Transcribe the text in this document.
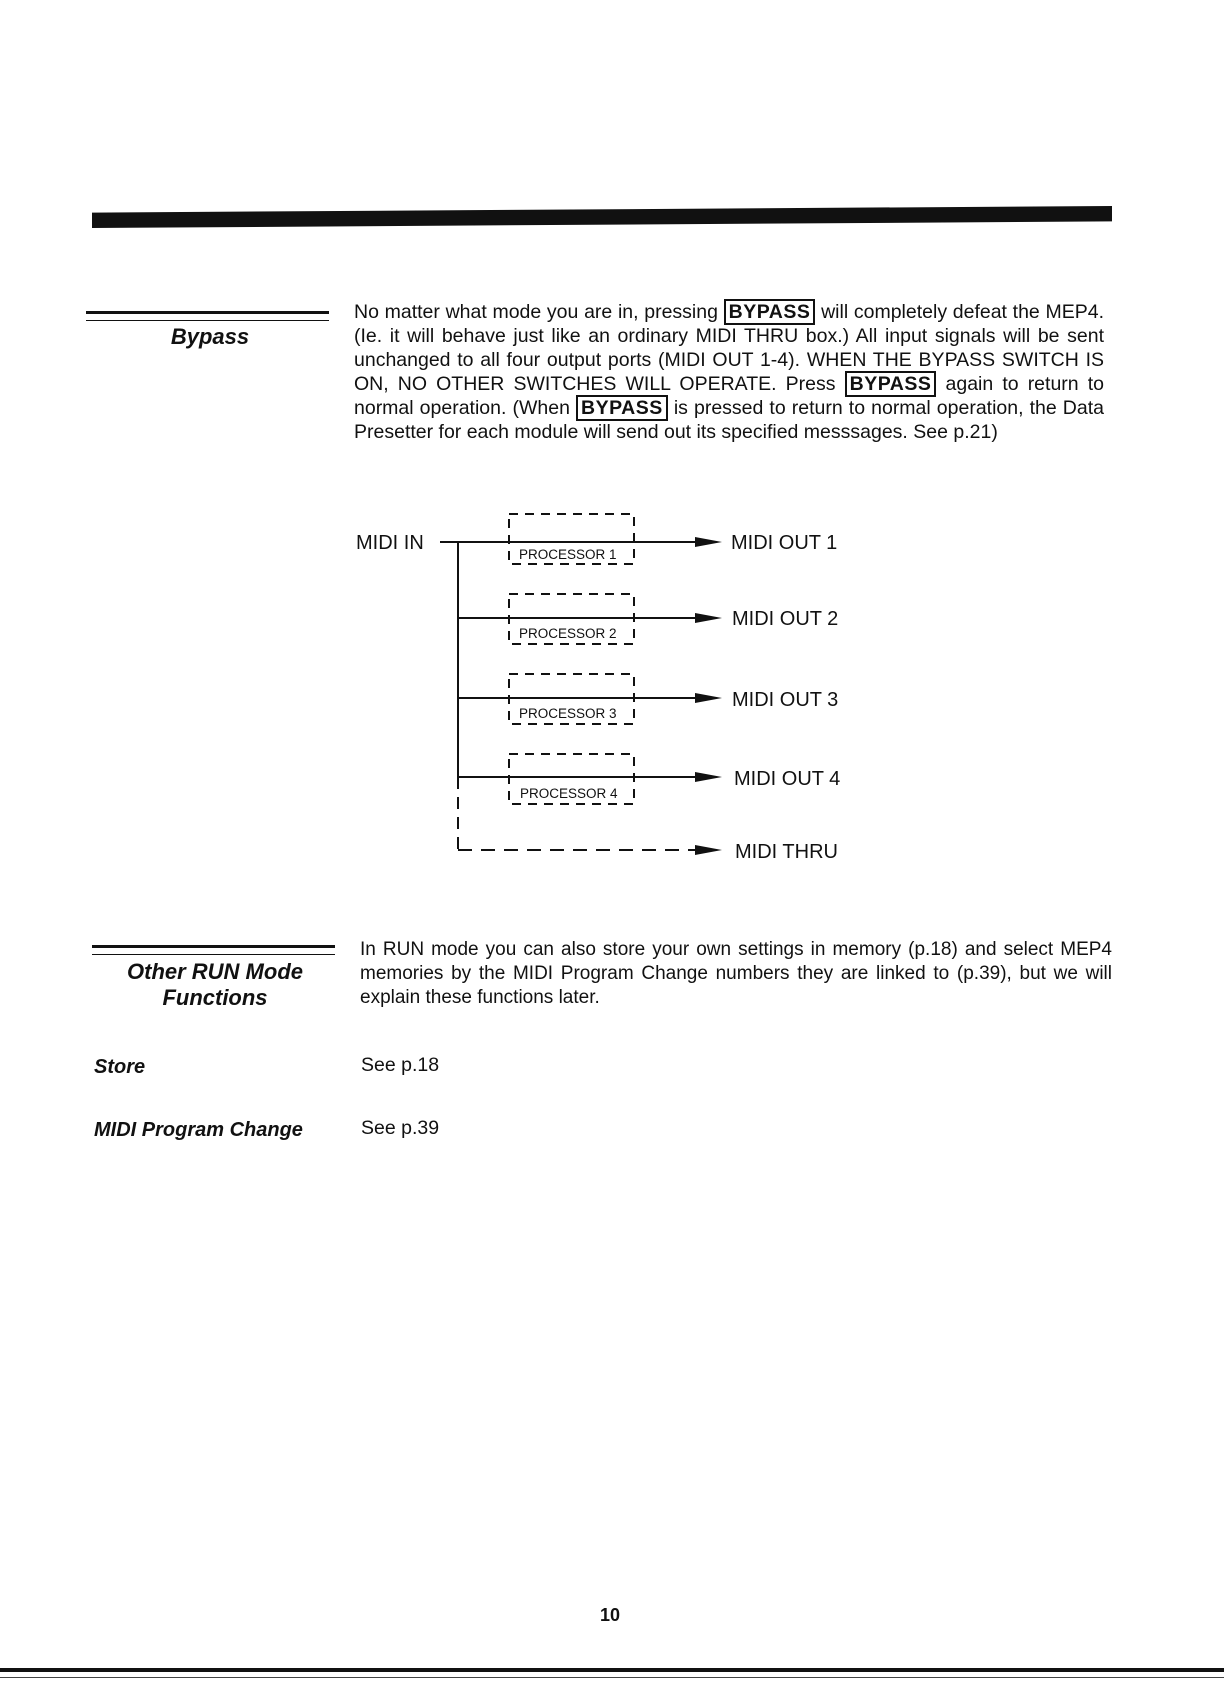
Bypass
No matter what mode you are in, pressing BYPASS will completely defeat the MEP4. (Ie. it will behave just like an ordinary MIDI THRU box.) All input signals will be sent unchanged to all four output ports (MIDI OUT 1-4). WHEN THE BYPASS SWITCH IS ON, NO OTHER SWITCHES WILL OPERATE. Press BYPASS again to return to normal operation. (When BYPASS is pressed to return to normal operation, the Data Presetter for each module will send out its specified messsages. See p.21)
MIDI IN
MIDI THRU
PROCESSOR 1
MIDI OUT 1
PROCESSOR 2
MIDI OUT 2
PROCESSOR 3
MIDI OUT 3
PROCESSOR 4
MIDI OUT 4
Other RUN Mode
Functions
In RUN mode you can also store your own settings in memory (p.18) and select MEP4 memories by the MIDI Program Change numbers they are linked to (p.39), but we will explain these functions later.
Store	See p.18
MIDI Program Change	See p.39
10
